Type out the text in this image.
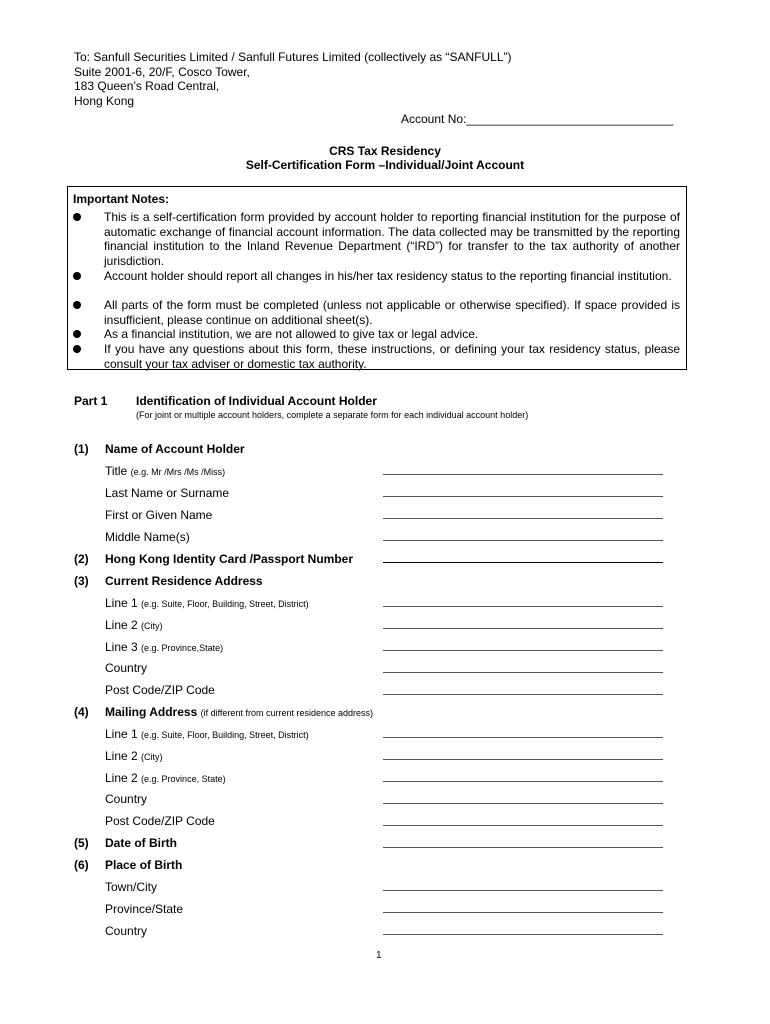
To: Sanfull Securities Limited / Sanfull Futures Limited (collectively as “SANFULL”)
Suite 2001-6, 20/F, Cosco Tower,
183 Queen’s Road Central,
Hong Kong
Account No:_______________________________
CRS Tax Residency
Self-Certification Form –Individual/Joint Account
Important Notes:
This is a self-certification form provided by account holder to reporting financial institution for the purpose of automatic exchange of financial account information. The data collected may be transmitted by the reporting financial institution to the Inland Revenue Department (“IRD”) for transfer to the tax authority of another jurisdiction.
Account holder should report all changes in his/her tax residency status to the reporting financial institution.
All parts of the form must be completed (unless not applicable or otherwise specified). If space provided is insufficient, please continue on additional sheet(s).
As a financial institution, we are not allowed to give tax or legal advice.
If you have any questions about this form, these instructions, or defining your tax residency status, please consult your tax adviser or domestic tax authority.
Part 1 Identification of Individual Account Holder
(For joint or multiple account holders, complete a separate form for each individual account holder)
(1) Name of Account Holder
Title (e.g. Mr /Mrs /Ms /Miss)
Last Name or Surname
First or Given Name
Middle Name(s)
(2) Hong Kong Identity Card /Passport Number
(3) Current Residence Address
Line 1 (e.g. Suite, Floor, Building, Street, District)
Line 2 (City)
Line 3 (e.g. Province,State)
Country
Post Code/ZIP Code
(4) Mailing Address (if different from current residence address)
Line 1 (e.g. Suite, Floor, Building, Street, District)
Line 2 (City)
Line 2 (e.g. Province, State)
Country
Post Code/ZIP Code
(5) Date of Birth
(6) Place of Birth
Town/City
Province/State
Country
1
